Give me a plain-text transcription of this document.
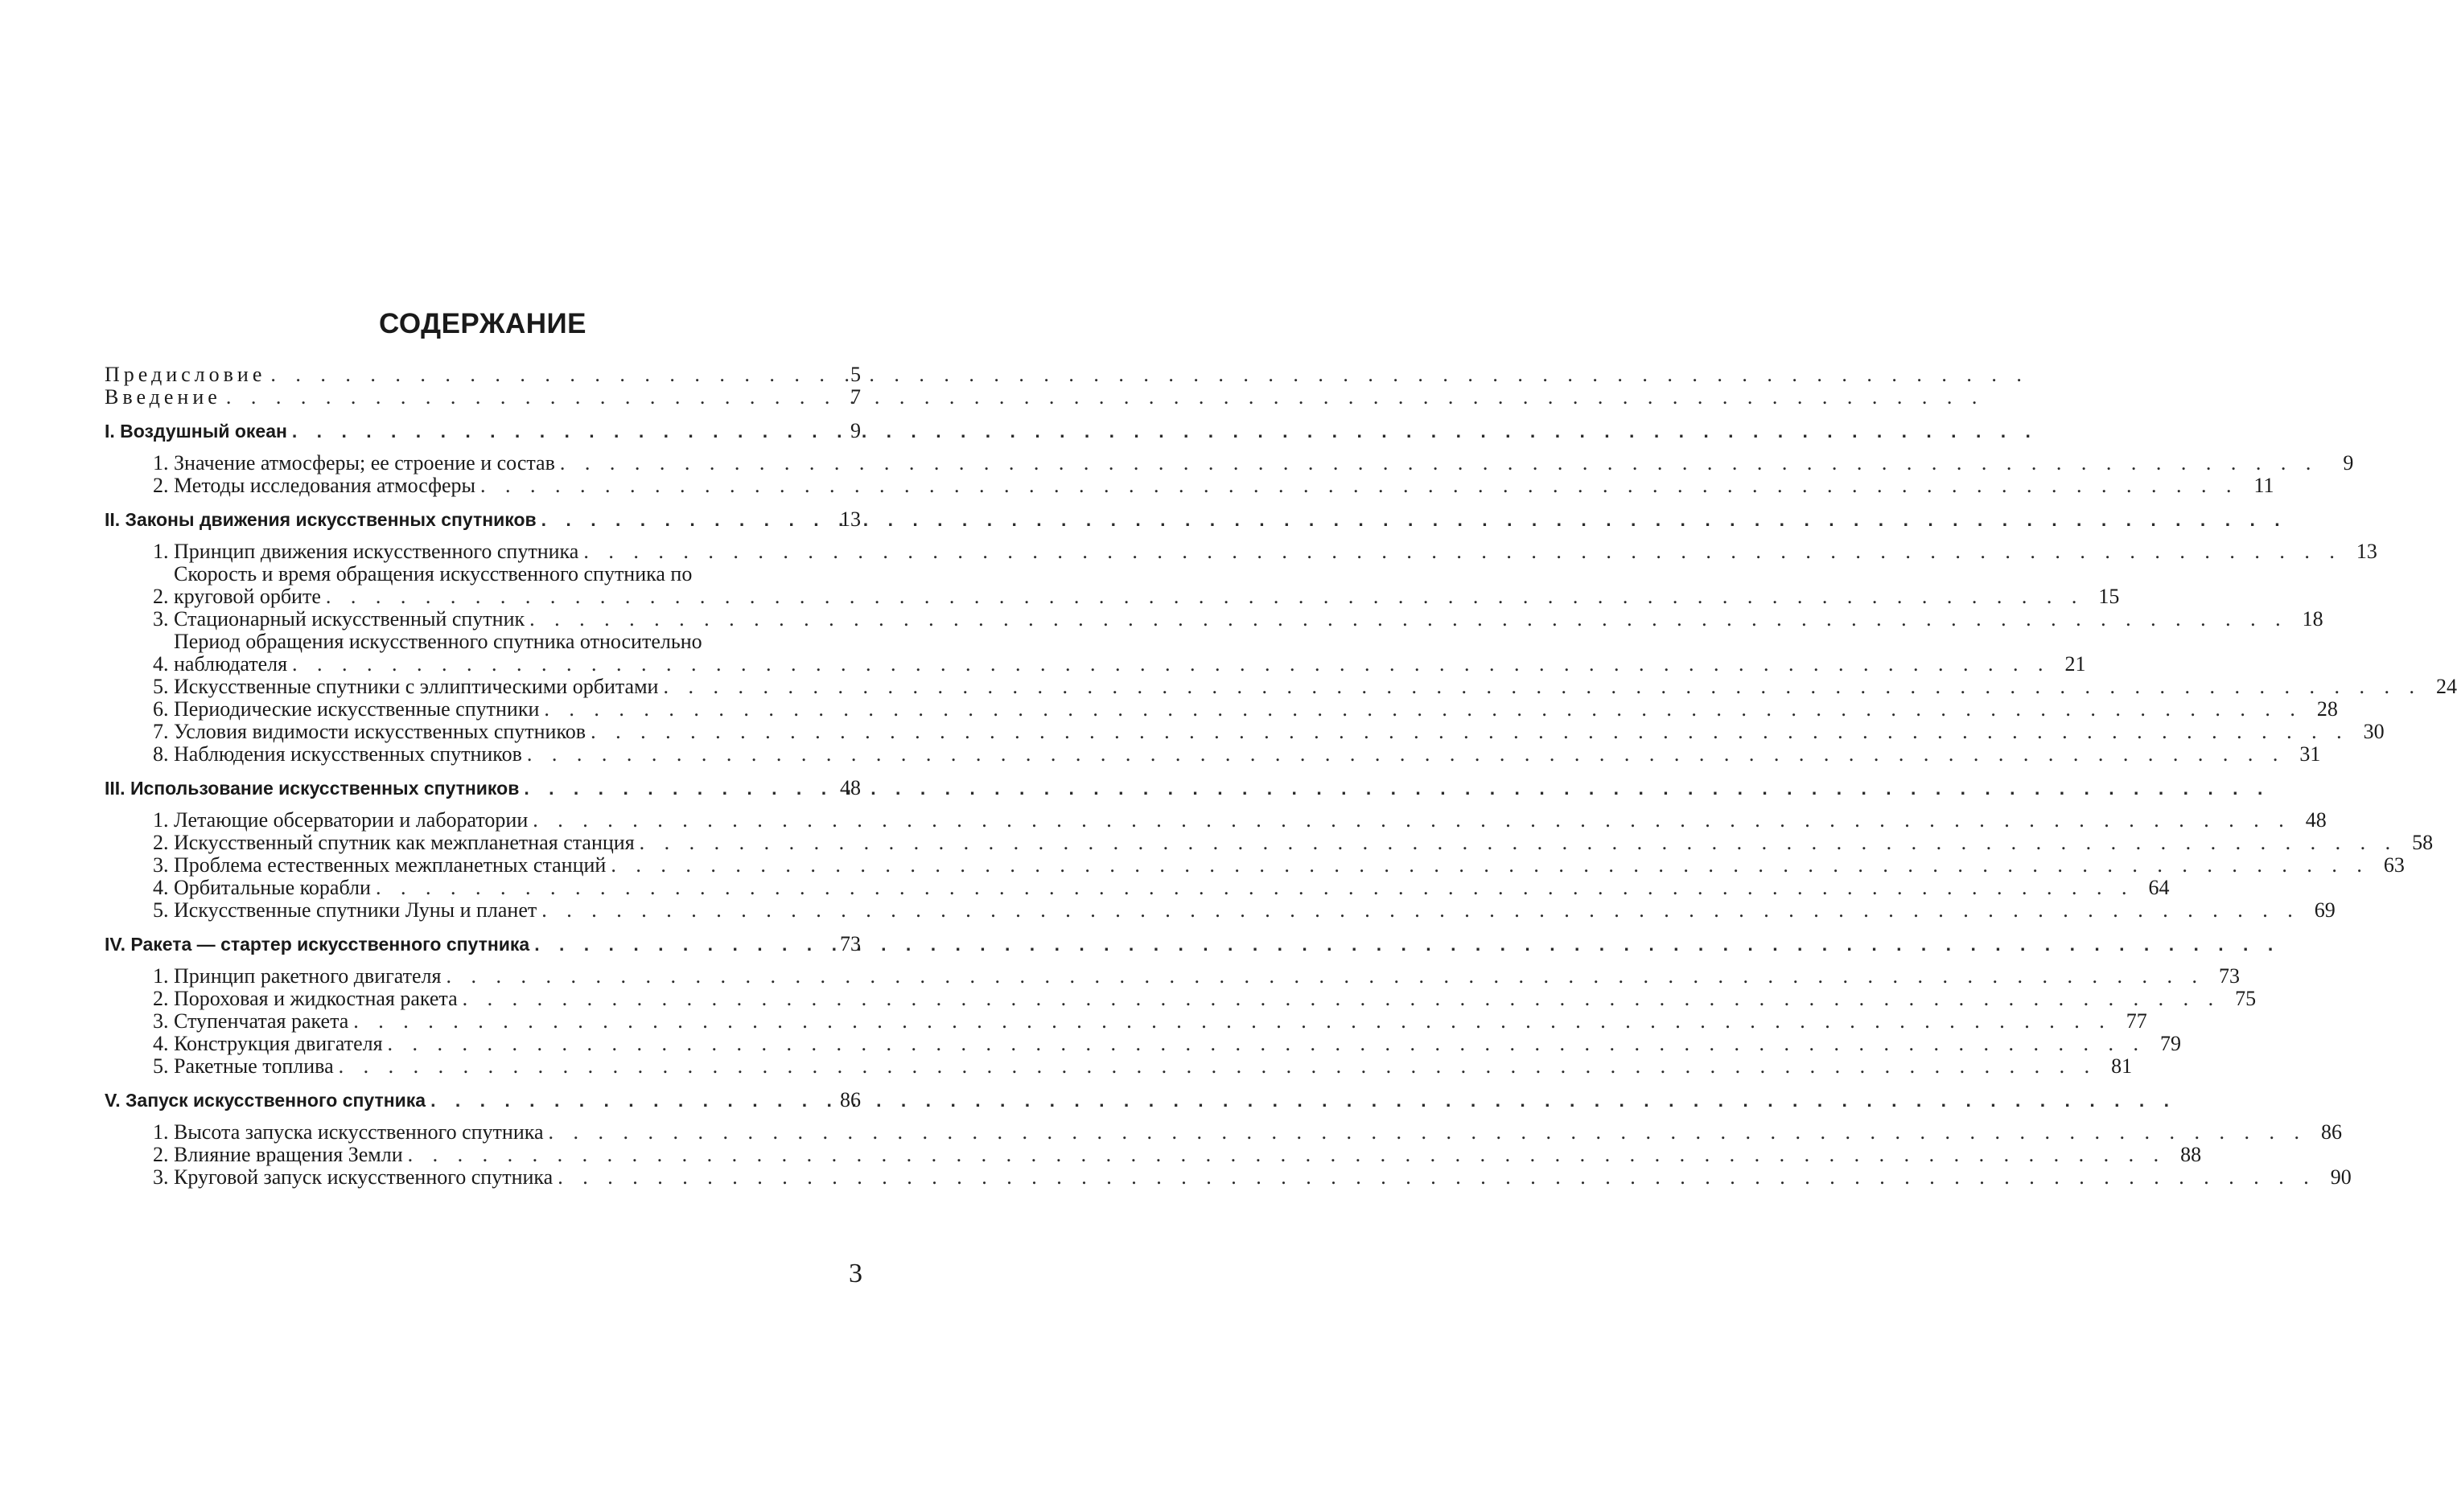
СОДЕРЖАНИЕ
Предисловие . . .	5
Введение . . .	7
I. Воздушный океан . . .	9
1. Значение атмосферы; ее строение и состав . . .	9
2. Методы исследования атмосферы . . .	11
II. Законы движения искусственных спутников . . .	13
1. Принцип движения искусственного спутника . . .	13
2.
Скорость и время обращения искусственного спутника по
круговой орбите . . .	15
3. Стационарный искусственный спутник . . .	18
4.
Период обращения искусственного спутника относительно
наблюдателя . . .	21
5. Искусственные спутники с эллиптическими орбитами . . .	24
6. Периодические искусственные спутники . . .	28
7. Условия видимости искусственных спутников . . .	30
8. Наблюдения искусственных спутников . . .	31
III. Использование искусственных спутников . . .	48
1. Летающие обсерватории и лаборатории . . .	48
2. Искусственный спутник как межпланетная станция . . .	58
3. Проблема естественных межпланетных станций . . .	63
4. Орбитальные корабли . . .	64
5. Искусственные спутники Луны и планет . . .	69
IV. Ракета — стартер искусственного спутника . . .	73
1. Принцип ракетного двигателя . . .	73
2. Пороховая и жидкостная ракета . . .	75
3. Ступенчатая ракета . . .	77
4. Конструкция двигателя . . .	79
5. Ракетные топлива . . .	81
V. Запуск искусственного спутника . . .	86
1. Высота запуска искусственного спутника . . .	86
2. Влияние вращения Земли . . .	88
3. Круговой запуск искусственного спутника . . .	90

3
